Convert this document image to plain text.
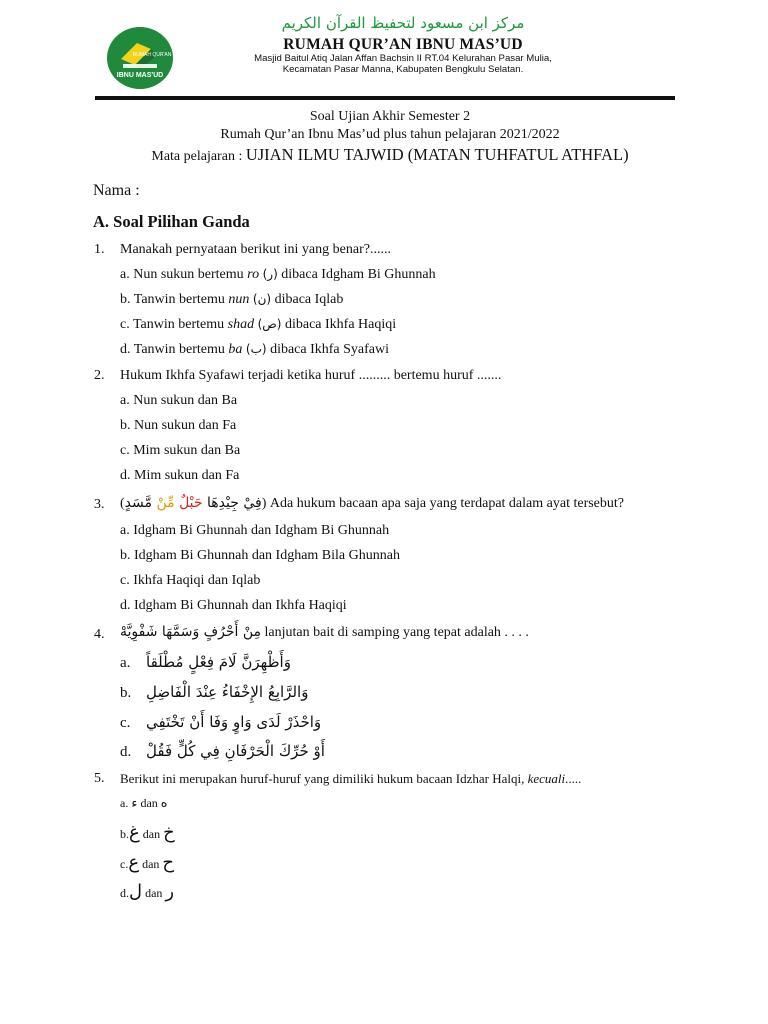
RUMAH QUR'AN
IBNU MAS'UD
مركز ابن مسعود لتحفيظ القرآن الكريم
RUMAH QUR’AN IBNU MAS’UD
Masjid Baitul Atiq Jalan Affan Bachsin II RT.04 Kelurahan Pasar Mulia,
Kecamatan Pasar Manna, Kabupaten Bengkulu Selatan.
Soal Ujian Akhir Semester 2
Rumah Qur’an Ibnu Mas’ud plus tahun pelajaran 2021/2022
Mata pelajaran : UJIAN ILMU TAJWID (MATAN TUHFATUL ATHFAL)
Nama :
A. Soal Pilihan Ganda
1. Manakah pernyataan berikut ini yang benar?......
a. Nun sukun bertemu ro (ر) dibaca Idgham Bi Ghunnah
b. Tanwin bertemu nun (ن) dibaca Iqlab
c. Tanwin bertemu shad (ص) dibaca Ikhfa Haqiqi
d. Tanwin bertemu ba (ب) dibaca Ikhfa Syafawi
2. Hukum Ikhfa Syafawi terjadi ketika huruf ......... bertemu huruf .......
a. Nun sukun dan Ba
b. Nun sukun dan Fa
c. Mim sukun dan Ba
d. Mim sukun dan Fa
3. (	فِيْ جِيْدِهَا حَبْلٌ مِّنْ مَّسَدٍ	) Ada hukum bacaan apa saja yang terdapat dalam ayat tersebut?
a. Idgham Bi Ghunnah dan Idgham Bi Ghunnah
b. Idgham Bi Ghunnah dan Idgham Bila Ghunnah
c. Ikhfa Haqiqi dan Iqlab
d. Idgham Bi Ghunnah dan Ikhfa Haqiqi
4. مِنْ أَحْرُفٍ وَسَمَّهَا شَفْوِيَّهْ lanjutan bait di samping yang tepat adalah . . . .
a. وَأَظْهِرَنَّ لَامَ فِعْلٍ مُطْلَقاً
b. وَالرَّابِعُ الإِخْفَاءُ عِنْدَ الْفَاضِلِ
c. وَاحْذَرْ لَدَى وَاوٍ وَفَا أَنْ تَخْتَفِي
d. أَوْ حُرِّكَ الْحَرْفَانِ فِي كُلٍّ فَقُلْ
5. Berikut ini merupakan huruf-huruf yang dimiliki hukum bacaan Idzhar Halqi, kecuali.....
a. ء dan ه
b.غ dan خ
c.ع dan ح
d.ل dan ر
